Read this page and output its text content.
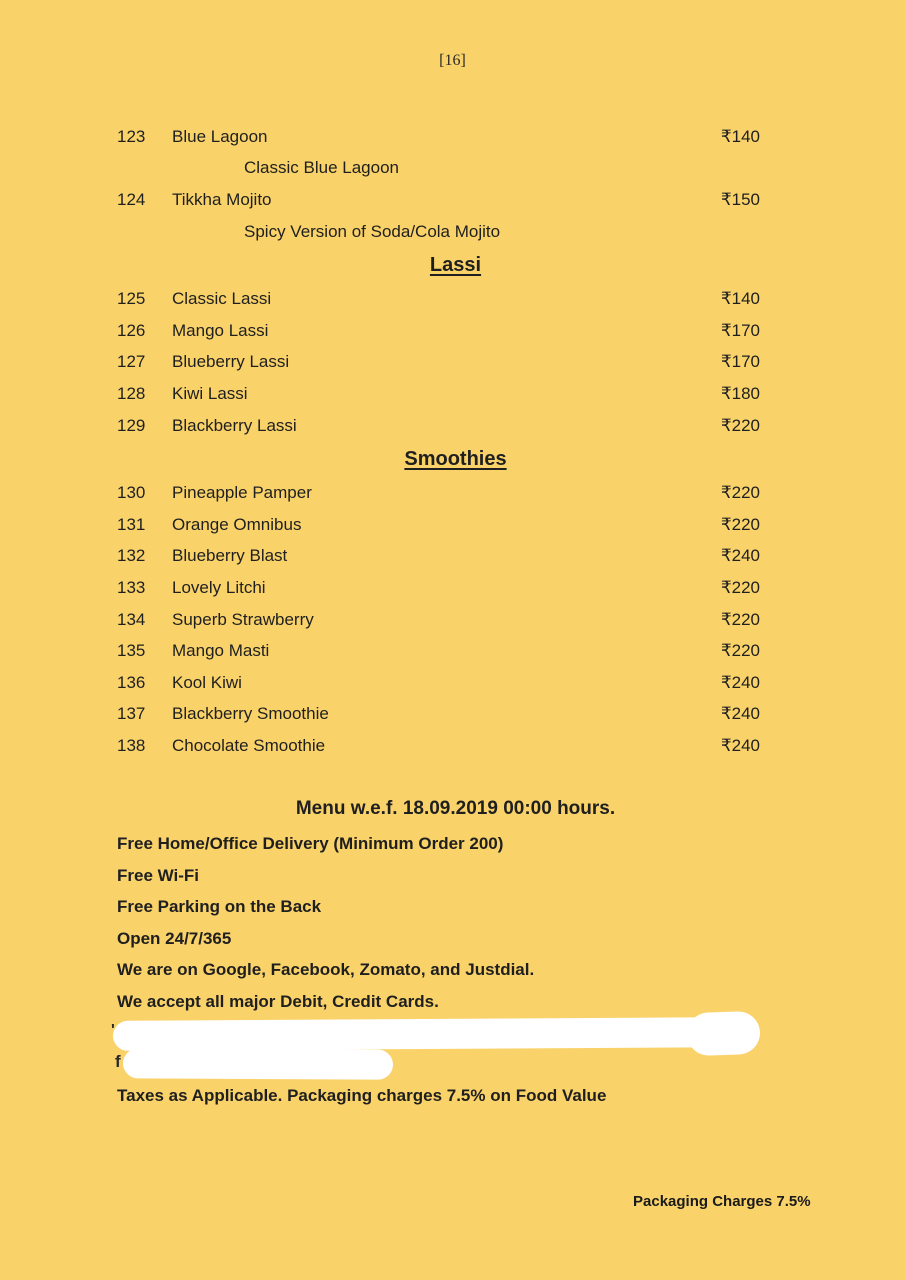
[16]
123	Blue Lagoon	₹140
Classic Blue Lagoon
124	Tikkha Mojito	₹150
Spicy Version of Soda/Cola Mojito
Lassi
125	Classic Lassi	₹140
126	Mango Lassi	₹170
127	Blueberry Lassi	₹170
128	Kiwi Lassi	₹180
129	Blackberry Lassi	₹220
Smoothies
130	Pineapple Pamper	₹220
131	Orange Omnibus	₹220
132	Blueberry Blast	₹240
133	Lovely Litchi	₹220
134	Superb Strawberry	₹220
135	Mango Masti	₹220
136	Kool Kiwi	₹240
137	Blackberry Smoothie	₹240
138	Chocolate Smoothie	₹240
Menu w.e.f. 18.09.2019 00:00 hours.
Free Home/Office Delivery (Minimum Order 200)
Free Wi-Fi
Free Parking on the Back
Open 24/7/365
We are on Google, Facebook, Zomato, and Justdial.
We accept all major Debit, Credit Cards.
'
f
Taxes as Applicable. Packaging charges 7.5% on Food Value
Packaging Charges 7.5%
